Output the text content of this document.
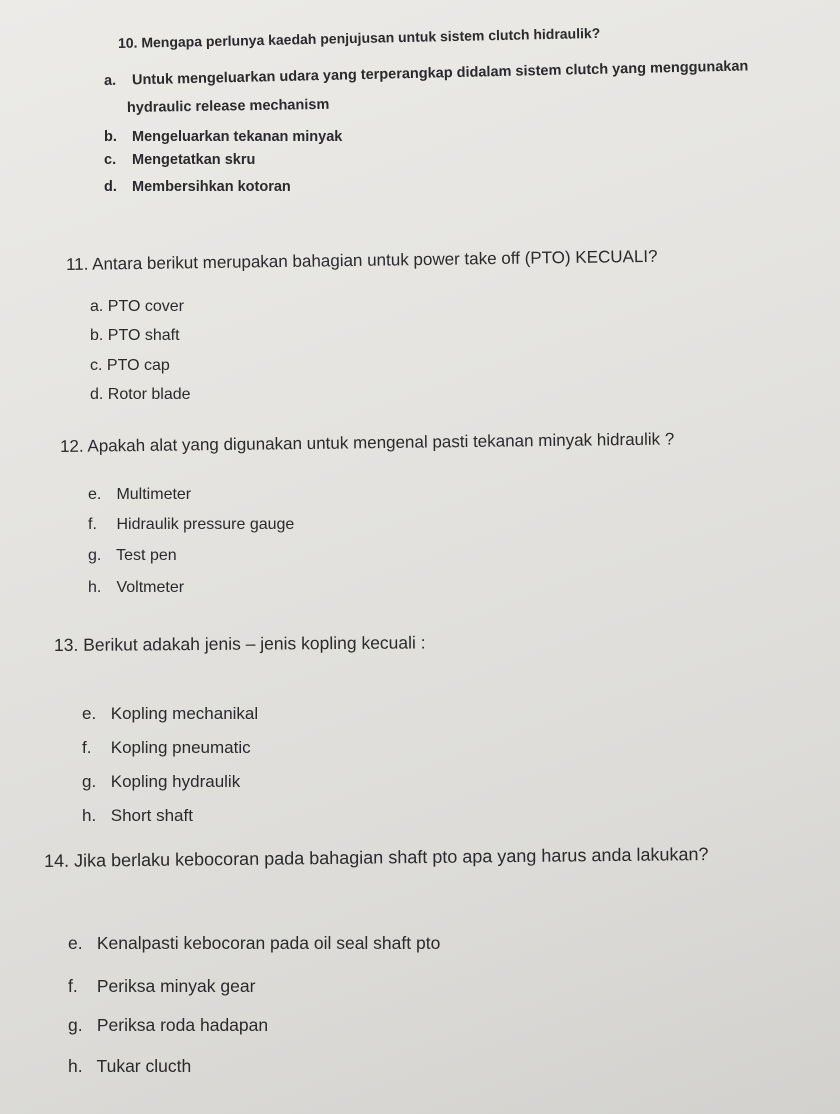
10. Mengapa perlunya kaedah penjujusan untuk sistem clutch hidraulik?
a. Untuk mengeluarkan udara yang terperangkap didalam sistem clutch yang menggunakan
hydraulic release mechanism
b. Mengeluarkan tekanan minyak
c. Mengetatkan skru
d. Membersihkan kotoran
11. Antara berikut merupakan bahagian untuk power take off (PTO) KECUALI?
a. PTO cover
b. PTO shaft
c. PTO cap
d. Rotor blade
12. Apakah alat yang digunakan untuk mengenal pasti tekanan minyak hidraulik ?
e. Multimeter
f. Hidraulik pressure gauge
g. Test pen
h. Voltmeter
13. Berikut adakah jenis – jenis kopling kecuali :
e. Kopling mechanikal
f. Kopling pneumatic
g. Kopling hydraulik
h. Short shaft
14. Jika berlaku kebocoran pada bahagian shaft pto apa yang harus anda lakukan?
e. Kenalpasti kebocoran pada oil seal shaft pto
f. Periksa minyak gear
g. Periksa roda hadapan
h. Tukar clucth
